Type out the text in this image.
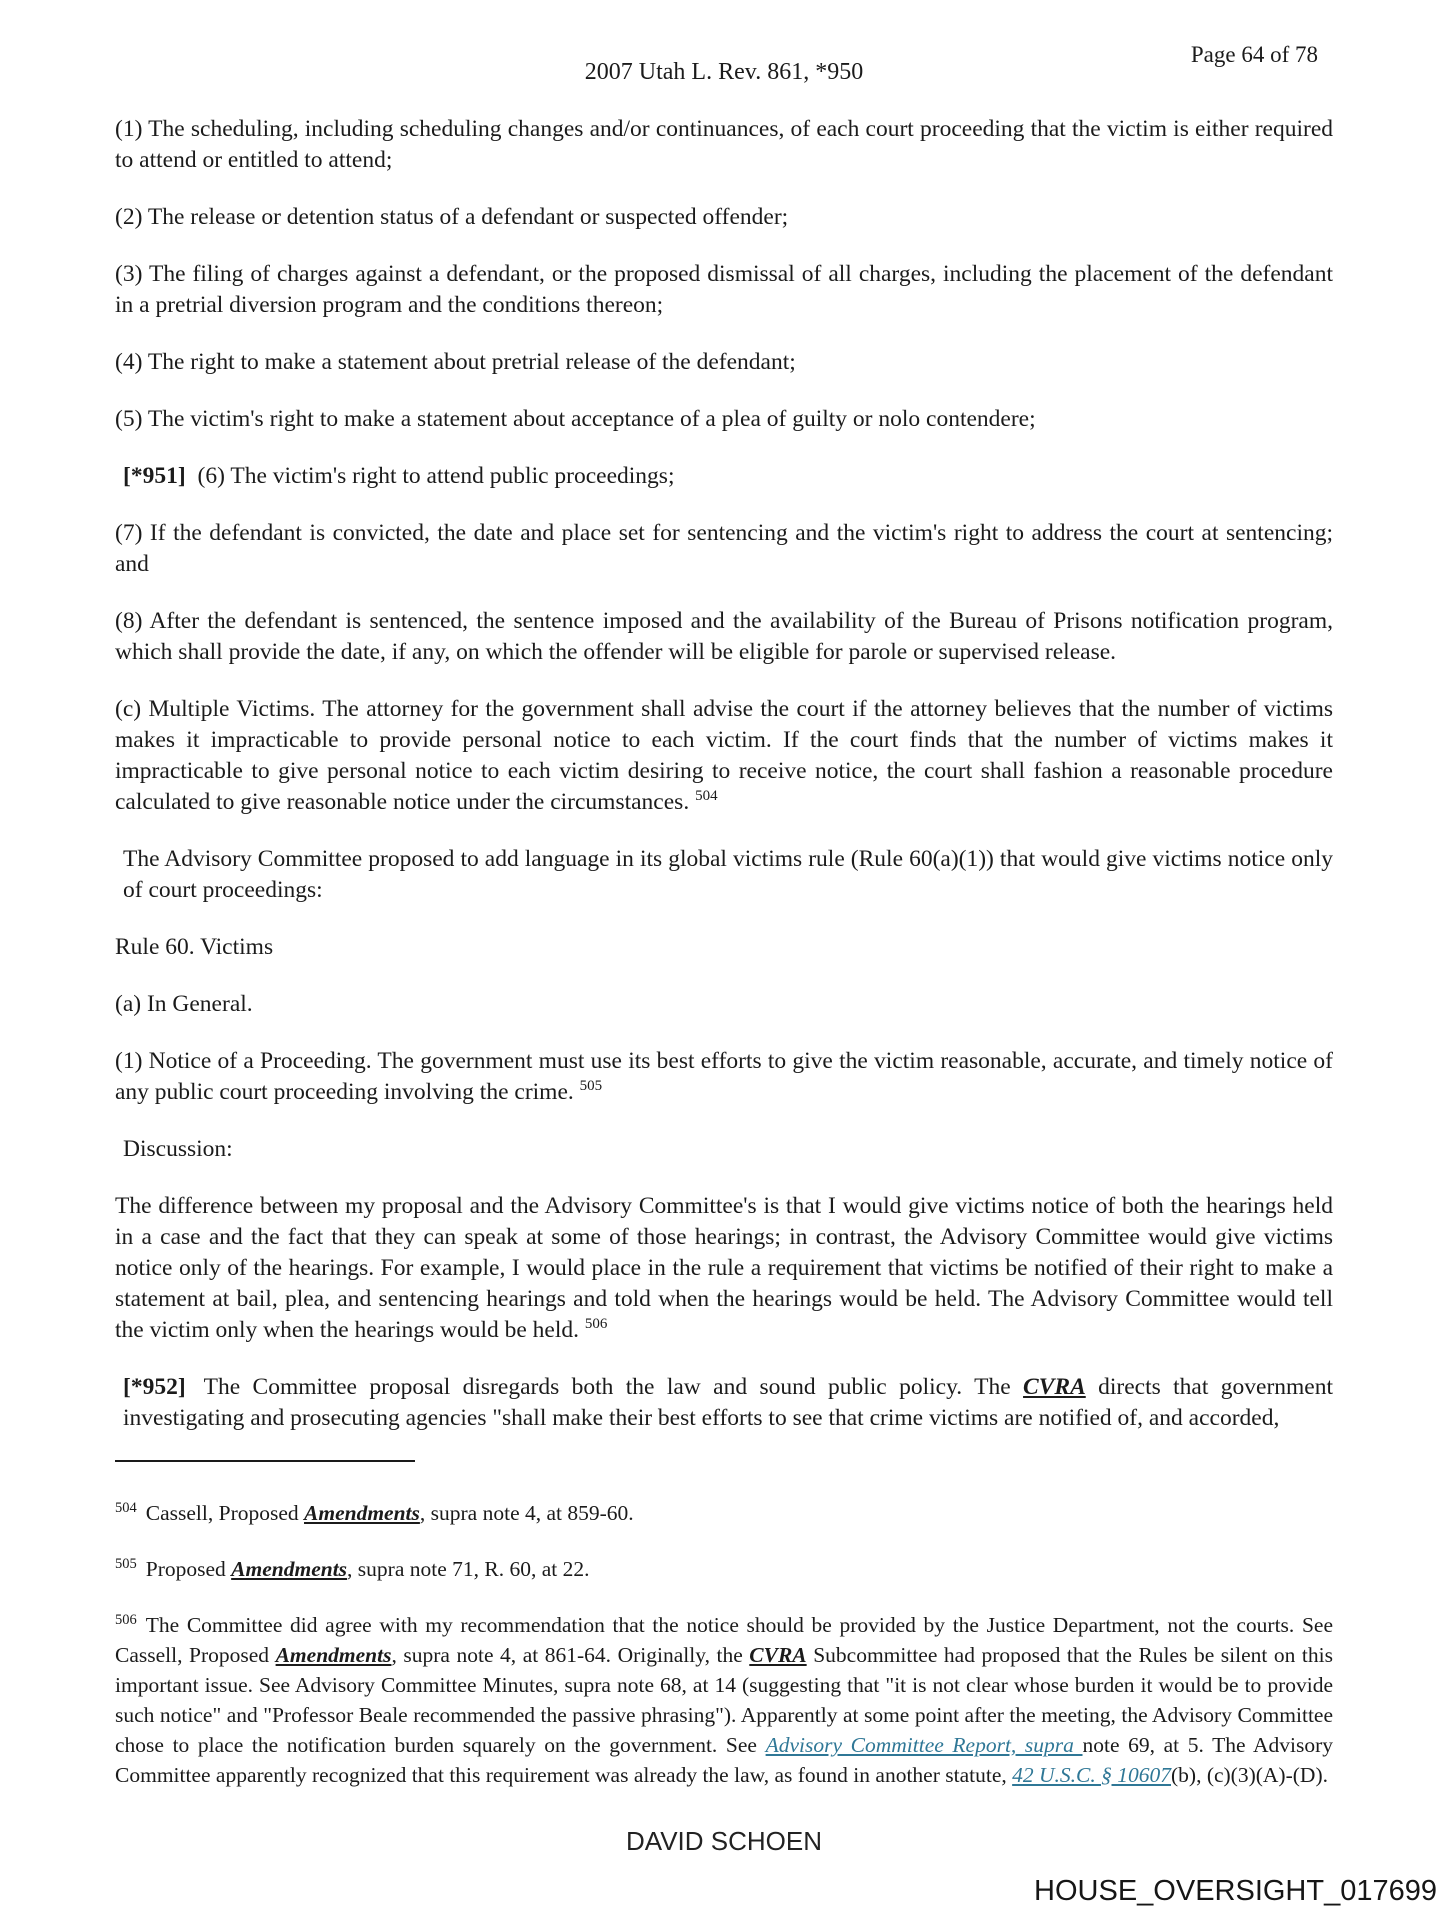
Page 64 of 78
2007 Utah L. Rev. 861, *950

(1) The scheduling, including scheduling changes and/or continuances, of each court proceeding that the victim is either required to attend or entitled to attend;

(2) The release or detention status of a defendant or suspected offender;

(3) The filing of charges against a defendant, or the proposed dismissal of all charges, including the placement of the defendant in a pretrial diversion program and the conditions thereon;

(4) The right to make a statement about pretrial release of the defendant;

(5) The victim's right to make a statement about acceptance of a plea of guilty or nolo contendere;

[*951] (6) The victim's right to attend public proceedings;

(7) If the defendant is convicted, the date and place set for sentencing and the victim's right to address the court at sentencing; and

(8) After the defendant is sentenced, the sentence imposed and the availability of the Bureau of Prisons notification program, which shall provide the date, if any, on which the offender will be eligible for parole or supervised release.

(c) Multiple Victims. The attorney for the government shall advise the court if the attorney believes that the number of victims makes it impracticable to provide personal notice to each victim. If the court finds that the number of victims makes it impracticable to give personal notice to each victim desiring to receive notice, the court shall fashion a reasonable procedure calculated to give reasonable notice under the circumstances. $^{504}$

The Advisory Committee proposed to add language in its global victims rule (Rule 60(a)(1)) that would give victims notice only of court proceedings:

Rule 60. Victims

(a) In General.

(1) Notice of a Proceeding. The government must use its best efforts to give the victim reasonable, accurate, and timely notice of any public court proceeding involving the crime. $^{505}$

Discussion:

The difference between my proposal and the Advisory Committee's is that I would give victims notice of both the hearings held in a case and the fact that they can speak at some of those hearings; in contrast, the Advisory Committee would give victims notice only of the hearings. For example, I would place in the rule a requirement that victims be notified of their right to make a statement at bail, plea, and sentencing hearings and told when the hearings would be held. The Advisory Committee would tell the victim only when the hearings would be held. $^{506}$

[*952] The Committee proposal disregards both the law and sound public policy. The CVRA directs that government investigating and prosecuting agencies "shall make their best efforts to see that crime victims are notified of, and accorded,

$^{504}$ Cassell, Proposed Amendments, supra note 4, at 859-60.

$^{505}$ Proposed Amendments, supra note 71, R. 60, at 22.

$^{506}$ The Committee did agree with my recommendation that the notice should be provided by the Justice Department, not the courts. See Cassell, Proposed Amendments, supra note 4, at 861-64. Originally, the CVRA Subcommittee had proposed that the Rules be silent on this important issue. See Advisory Committee Minutes, supra note 68, at 14 (suggesting that "it is not clear whose burden it would be to provide such notice" and "Professor Beale recommended the passive phrasing"). Apparently at some point after the meeting, the Advisory Committee chose to place the notification burden squarely on the government. See Advisory Committee Report, supra note 69, at 5. The Advisory Committee apparently recognized that this requirement was already the law, as found in another statute, 42 U.S.C. § 10607(b), (c)(3)(A)-(D).

DAVID SCHOEN
HOUSE_OVERSIGHT_017699
